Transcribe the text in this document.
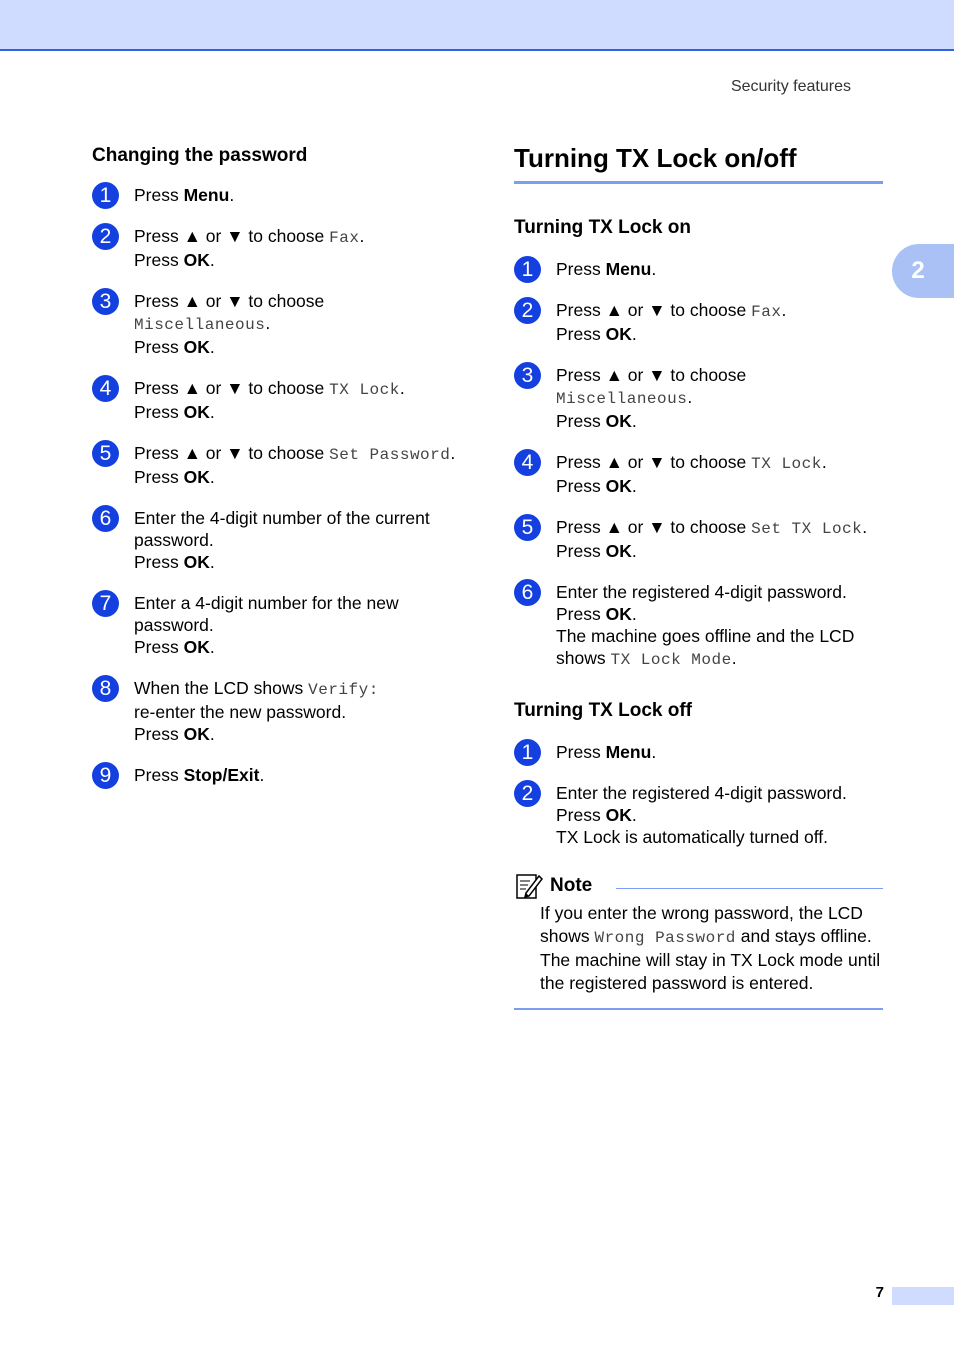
Security features
2
Changing the password
1	Press Menu.
2	Press ▲ or ▼ to choose Fax.
Press OK.
3	Press ▲ or ▼ to choose
Miscellaneous.
Press OK.
4	Press ▲ or ▼ to choose TX Lock.
Press OK.
5	Press ▲ or ▼ to choose Set Password.
Press OK.
6	Enter the 4-digit number of the current password.
Press OK.
7	Enter a 4-digit number for the new password.
Press OK.
8	When the LCD shows Verify:
re-enter the new password.
Press OK.
9	Press Stop/Exit.
Turning TX Lock on/off
Turning TX Lock on
1	Press Menu.
2	Press ▲ or ▼ to choose Fax.
Press OK.
3	Press ▲ or ▼ to choose
Miscellaneous.
Press OK.
4	Press ▲ or ▼ to choose TX Lock.
Press OK.
5	Press ▲ or ▼ to choose Set TX Lock.
Press OK.
6	Enter the registered 4-digit password.
Press OK.
The machine goes offline and the LCD shows TX Lock Mode.
Turning TX Lock off
1	Press Menu.
2	Enter the registered 4-digit password.
Press OK.
TX Lock is automatically turned off.
Note
If you enter the wrong password, the LCD shows Wrong Password and stays offline. The machine will stay in TX Lock mode until the registered password is entered.
7
